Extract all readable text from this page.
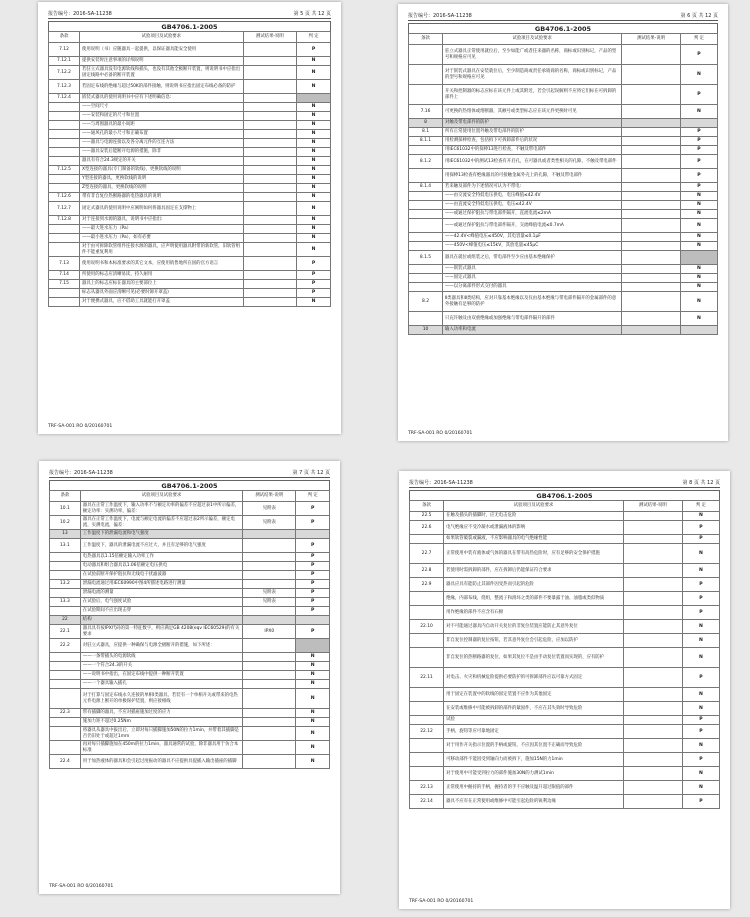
报告编号：2016-SA-11238	第 5 页 共 12 页
GB4706.1-2005
条款	试验项目及试验要求	测试结果-说明	判 定
7.12	使用说明（书）应随器具一起提供，以保证器具能安全使用		P
7.12.1	提供安装时注意事项的详细说明		N
7.12.2	若驻立式器具没有电源软线和插头，也没有其他全极断开装置，则说明书中应指出固定线路中必备的断开装置		N
7.12.3	若固定布线的绝缘与超过50K的部件接触，则说明书应指出固定布线必备的防护		N
7.12.4	嵌装式器具的使用说明书中应有下述明确信息:		
	——空间尺寸		N
	——安装和固定的尺寸和位置		N
	——与周围器具的最小间距		N
	——通风孔的最小尺寸和正确布置		N
	——器具与电源连接以及各分离元件的互连方法		N
	——器具安装后能断开电源的措施，除非		N
	器具有符合24.3规定的开关		N
7.12.5	X型连接的器具(专门制备的软线)，更换软线的说明		N
	Y型连接的器具，更换软线的说明		N
	Z型连接的器具，更换软线的说明		N
7.12.6	带有非自复位热断路器的电热器具的说明		N
7.12.7	固定式器具的使用说明中应阐明如何将器具固定在支撑物上		N
7.12.8	对于连接到水源的器具，说明书中应指出:		N
	——最大进水压力（Pa）		N
	——最小进水压力（Pa），如有必要		N
	对于由可拆除软管组件连接水源的器具，应声明使用器具附带的新软管，旧软管组件不能重复利用		N
7.13	使用说明书和本标准要求的其它文本，应使用销售地所在国的官方语言		P
7.14	所使用的标志应清晰易读，持久耐用		P
7.15	器具上的标志应标在器具的主要部位上		P
	标志从器具外面应清晰可见(必要时卸开罩盖)		P
	对于便携式器具，应不借助工具就能打开罩盖		N
TRF-SA-001 RO 0/20160701
报告编号：2016-SA-11238	第 6 页 共 12 页
GB4706.1-2005
条款	试验项目及试验要求	测试结果-说明	判 定
	驻立式器具正常使用就位后，至少如能广或者任来器的名称，商标或识别标记，产品的型号和规格应可见		P
	对于嵌装式器具在安装就位后，至少制造商或责任承销商的名称，商标或识别标记，产品的型号和规格应可见		N
	开关和控制器的标志应标在该元件上或其附近，若会引起误解则不应将它们标在可拆卸的部件上		P
7.16	可更换的热熔体或熔断器，其额号或类型标志应在该元件更换时可见		N
8	对触及带电部件的防护		
8.1	所有正常使用位置外触及带电部件的防护		P
8.1.1	用检测探棒检查，包括拆下可拆卸部件后的状况		P
	用IEC61032中的探棒13进行检查，不触及带电部件		P
8.1.2	用IEC61032中的测试13检查有开启孔，在可器具或者类性相关的孔隙，不触及带电部件		P
	用探棒13检查有绝缘器具的可接触金属外壳上的孔隙，不触及带电部件		P
8.1.4	若来触及部件为下述情况可认为不带电:		P
	——由交流安全特低电压供电，电压峰值≤42.4V		N
	——由直流安全特低电压供电，电压≤42.4V		N
	——或通过保护阻抗与带电部件隔开，直流电流≤2mA		N
	——或通过保护阻抗与带电部件隔开，交流峰值电流≤0.7mA		N
	——42.4V<峰值电压≤450V，其电容量≤0.1μF		N
	——450V<峰值电压≤15kV，其放电量≤45μC		N
8.1.5	器具在就位或组装之后，带电部件至少应由基本绝缘保护		
	——嵌装式器具		N
	——固定式器具		N
	——以分离部件形式交付的器具		N
8.2	Ⅱ类器具和Ⅱ类结构，应对只靠基本绝缘以及仅由基本绝缘与带电部件隔开的金属部件的意外接触有足够的防护		N
	只充许触及由双重绝缘或加强绝缘与带电部件隔开的部件		N
10	输入功率和电流		
TRF-SA-001 RO 0/20160701
报告编号：2016-SA-11238	第 7 页 共 12 页
GB4706.1-2005
条款	试验项目及试验要求	测试结果-说明	判 定
10.1	器具在正常工作温度下，输入功率不与额定功率的偏差不应超过表1中所示偏差，额定功率：实测功率，偏差：	见附表	P
10.2	器具在正常工作温度下，电流与额定电流的偏差不应超过表2所示偏差，额定电流，实测电流，偏差：	见附表	P
13	工作温度下的泄漏电流和电气强度		
13.1	工作温度下，器具的泄漏电流不应过大，并且有足够的电气强度		P
	电热器具以1.15倍额定输入功率工作		P
	电动器具和组合器具以1.06倍额定电压供电		P
	在试验前断开保护阻抗和无线电干扰滤波器		P
13.2	泄漏电流通过用IEC60990中图4所描述电路进行测量		P
	泄漏电流的测量	见附表	P
13.3	在试验后，电气强度试验	见附表	P
	在试验期间不应出现击穿		P
22	结构		
22.1	器具具有按IPX代码的第一特征数字，则应满足GB 4208(eqv IEC60529)的有关要求	IPX0	P
22.2	对驻立式器具，应提供一种确保与电源全极断开的措施，如下所述：		
	——一条带插头的电源软线		N
	——一个符合24.3的开关		N
	——说明书中指出，在固定布线中提供一种断开装置		N
	——一个器具输入插孔		N
	对于打算与固定布线永久连接的单相Ⅰ类器具，若装有一个单相开关或带来的电热元件电源上断开的单极保护装置，则应接相线		N
22.3	带有插脚的器具，不应对插座施加过度的应力		N
	施加力矩不超过0.25Nm		N
	将器具从器具中拔出后，立即对每只插脚施加50N的拉力1min，并带着其插脚是否仍旧处于或超过1mm		N
	再对每只插脚施加在450m的拉力1min，器具通常的试验，除非器具用于仿合本标准		N
22.4	用于加热液体的器具和会引起过度振动的器具不应提供具提插入输出插座的插脚		N
TRF-SA-001 RO 0/20160701
报告编号：2016-SA-11238	第 8 页 共 12 页
GB4706.1-2005
条款	试验项目及试验要求	测试结果-说明	判 定
22.5	在触及插头的插脚时，应无电击危险		N
22.6	电气绝缘应不受冷凝水或泄漏液体的影响		P
	如果软管破裂或漏液，不应影响器具的电气绝缘性能		P
22.7	正常使用中装有液体或气体的器具在带有高热危险时，应有足够的安全保护措施		N
22.8	若使用时需拆卸的部件，应在拆卸后仍能保证符合要求		N
22.9	器具应具有能防止其部件因受热而引起的危险		P
	绝缘，内部布线，绕组，整流子和滑环之类的部件不要暴露于油、油脂或类似物质		P
	用作绝缘的部件不应含有石棉		P
22.10	对不可能通过器具内自动开关复位的非复位装置应能防止其意外复位		N
	非自复位控制器的复位按钮，若其意外复位会引起危险，应加以防护		N
	非自复位的热断路器的复位，如果其复位不是由手动复位装置而实现的，应有防护		N
22.11	对电击、火灾和机械危险提供必要防护的可拆卸部件应以可靠方式固定		P
	用于固定在装置中的软线的固定装置不应作为其他固定		N
	在安装或维修中可能被拆卸的部件的紧固件，不应在其失效时导致危险		N
	试验		P
22.12	手柄、旋钮等应可靠地固定		P
	对于用作开关指示位置的手柄或旋钮，不应因其位置不正确而导致危险		N
	可移动部件不能因受到轴向力而被拆下，施加15N的力1min		P
	对于使用中可能受到拉力的部件施加30N的力测试1min		N
22.13	正常使用中握持的手柄，握持者的手不应触及温升超过限值的部件		N
22.14	器具不应有在正常使用或维修中可能引起危险的锐利边缘		P
TRF-SA-001 RO 0/20160701
